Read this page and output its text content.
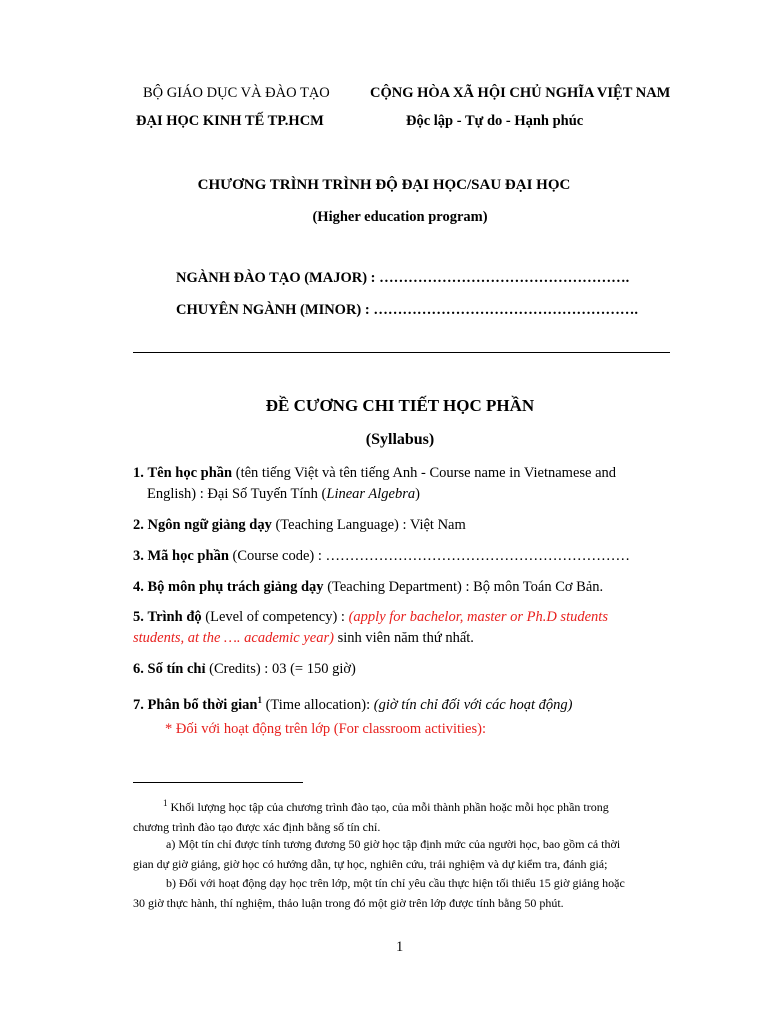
BỘ GIÁO DỤC VÀ ĐÀO TẠO
ĐẠI HỌC KINH TẾ TP.HCM
CỘNG HÒA XÃ HỘI CHỦ NGHĨA VIỆT NAM
Độc lập - Tự do - Hạnh phúc
CHƯƠNG TRÌNH TRÌNH ĐỘ ĐẠI HỌC/SAU ĐẠI HỌC
(Higher education program)
NGÀNH ĐÀO TẠO (MAJOR) : …………………………………………….
CHUYÊN NGÀNH (MINOR) : ……………………………………………….
ĐỀ CƯƠNG CHI TIẾT HỌC PHẦN
(Syllabus)
1. Tên học phần (tên tiếng Việt và tên tiếng Anh - Course name in Vietnamese and
English) : Đại Số Tuyến Tính (Linear Algebra)
2. Ngôn ngữ giảng dạy (Teaching Language) : Việt Nam
3. Mã học phần (Course code) : ………………………………………………………
4. Bộ môn phụ trách giảng dạy (Teaching Department) : Bộ môn Toán Cơ Bản.
5. Trình độ (Level of competency) : (apply for bachelor, master or Ph.D students
students, at the …. academic year) sinh viên năm thứ nhất.
6. Số tín chỉ (Credits) : 03 (= 150 giờ)
7. Phân bổ thời gian$^1$ (Time allocation): (giờ tín chỉ đối với các hoạt động)
* Đối với hoạt động trên lớp (For classroom activities):
$^1$ Khối lượng học tập của chương trình đào tạo, của mỗi thành phần hoặc mỗi học phần trong
chương trình đào tạo được xác định bằng số tín chỉ.
a) Một tín chỉ được tính tương đương 50 giờ học tập định mức của người học, bao gồm cả thời
gian dự giờ giảng, giờ học có hướng dẫn, tự học, nghiên cứu, trải nghiệm và dự kiểm tra, đánh giá;
b) Đối với hoạt động dạy học trên lớp, một tín chỉ yêu cầu thực hiện tối thiểu 15 giờ giảng hoặc
30 giờ thực hành, thí nghiệm, thảo luận trong đó một giờ trên lớp được tính bằng 50 phút.
1
